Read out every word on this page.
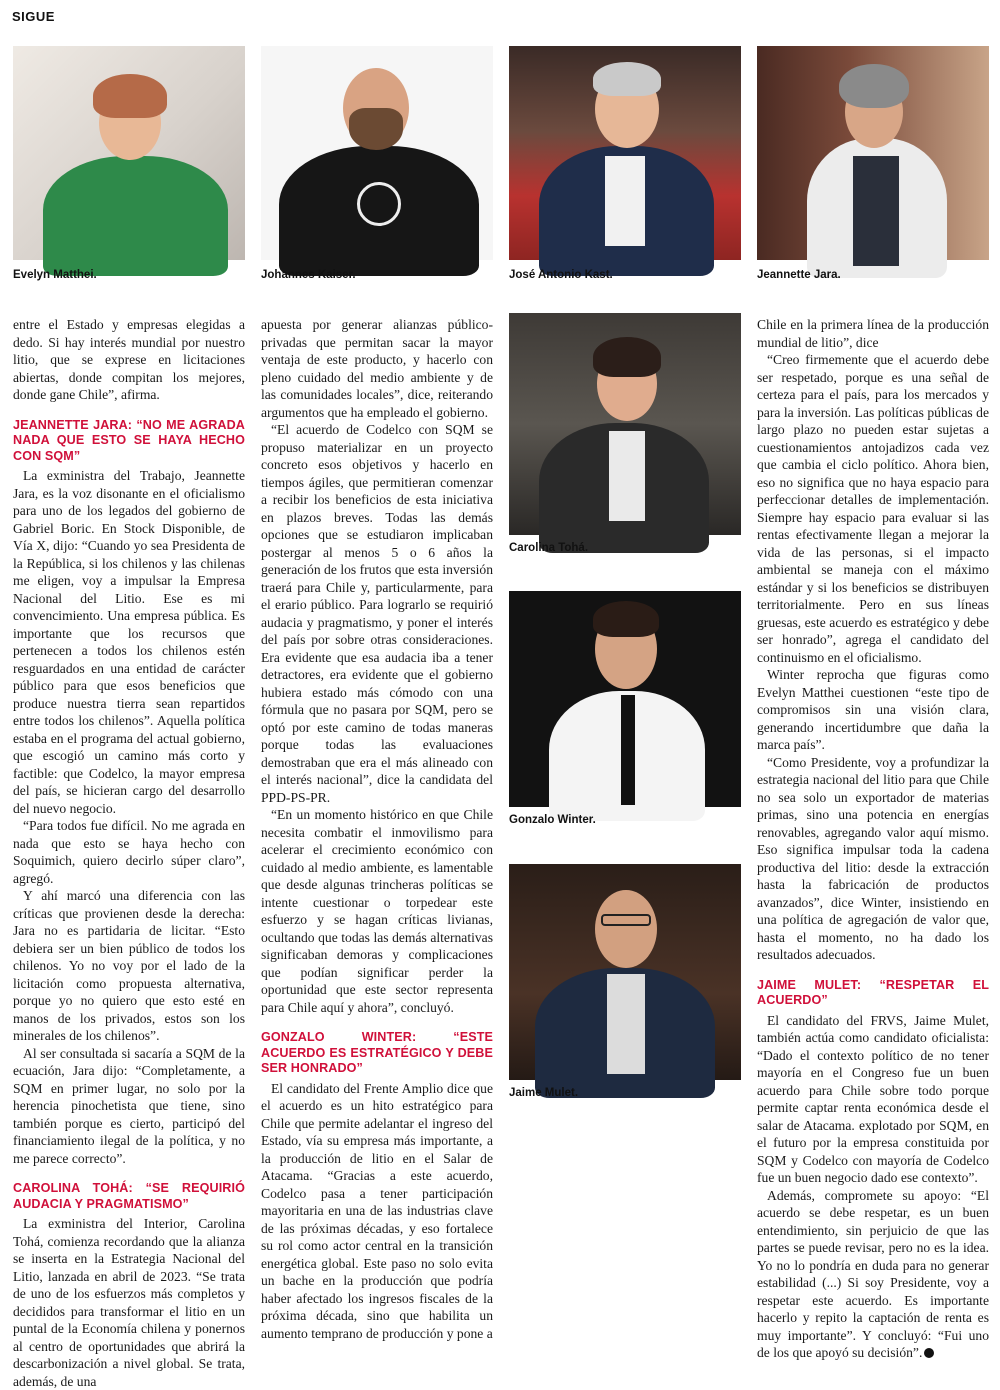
SIGUE
Evelyn Matthei.	Johannes Kaiser.	José Antonio Kast.	Jeannette Jara.
Carolina Tohá.
Gonzalo Winter.
Jaime Mulet.

entre el Estado y empresas elegidas a dedo. Si hay interés mundial por nuestro litio, que se exprese en licitaciones abiertas, donde compitan los mejores, donde gane Chile”, afirma.

JEANNETTE JARA: “NO ME AGRADA NADA QUE ESTO SE HAYA HECHO CON SQM”

La exministra del Trabajo, Jeannette Jara, es la voz disonante en el oficialismo para uno de los legados del gobierno de Gabriel Boric. En Stock Disponible, de Vía X, dijo: “Cuando yo sea Presidenta de la República, si los chilenos y las chilenas me eligen, voy a impulsar la Empresa Nacional del Litio. Ese es mi convencimiento. Una empresa pública. Es importante que los recursos que pertenecen a todos los chilenos estén resguardados en una entidad de carácter público para que esos beneficios que produce nuestra tierra sean repartidos entre todos los chilenos”. Aquella política estaba en el programa del actual gobierno, que escogió un camino más corto y factible: que Codelco, la mayor empresa del país, se hicieran cargo del desarrollo del nuevo negocio.

“Para todos fue difícil. No me agrada en nada que esto se haya hecho con Soquimich, quiero decirlo súper claro”, agregó.

Y ahí marcó una diferencia con las críticas que provienen desde la derecha: Jara no es partidaria de licitar. “Esto debiera ser un bien público de todos los chilenos. Yo no voy por el lado de la licitación como propuesta alternativa, porque yo no quiero que esto esté en manos de los privados, estos son los minerales de los chilenos”.

Al ser consultada si sacaría a SQM de la ecuación, Jara dijo: “Completamente, a SQM en primer lugar, no solo por la herencia pinochetista que tiene, sino también porque es cierto, participó del financiamiento ilegal de la política, y no me parece correcto”.

CAROLINA TOHÁ: “SE REQUIRIÓ AUDACIA Y PRAGMATISMO”

La exministra del Interior, Carolina Tohá, comienza recordando que la alianza se inserta en la Estrategia Nacional del Litio, lanzada en abril de 2023. “Se trata de uno de los esfuerzos más completos y decididos para transformar el litio en un puntal de la Economía chilena y ponernos al centro de oportunidades que abrirá la descarbonización a nivel global. Se trata, además, de una

apuesta por generar alianzas público-privadas que permitan sacar la mayor ventaja de este producto, y hacerlo con pleno cuidado del medio ambiente y de las comunidades locales”, dice, reiterando argumentos que ha empleado el gobierno.

“El acuerdo de Codelco con SQM se propuso materializar en un proyecto concreto esos objetivos y hacerlo en tiempos ágiles, que permitieran comenzar a recibir los beneficios de esta iniciativa en plazos breves. Todas las demás opciones que se estudiaron implicaban postergar al menos 5 o 6 años la generación de los frutos que esta inversión traerá para Chile y, particularmente, para el erario público. Para lograrlo se requirió audacia y pragmatismo, y poner el interés del país por sobre otras consideraciones. Era evidente que esa audacia iba a tener detractores, era evidente que el gobierno hubiera estado más cómodo con una fórmula que no pasara por SQM, pero se optó por este camino de todas maneras porque todas las evaluaciones demostraban que era el más alineado con el interés nacional”, dice la candidata del PPD-PS-PR.

“En un momento histórico en que Chile necesita combatir el inmovilismo para acelerar el crecimiento económico con cuidado al medio ambiente, es lamentable que desde algunas trincheras políticas se intente cuestionar o torpedear este esfuerzo y se hagan críticas livianas, ocultando que todas las demás alternativas significaban demoras y complicaciones que podían significar perder la oportunidad que este sector representa para Chile aquí y ahora”, concluyó.

GONZALO WINTER: “ESTE ACUERDO ES ESTRATÉGICO Y DEBE SER HONRADO”

El candidato del Frente Amplio dice que el acuerdo es un hito estratégico para Chile que permite adelantar el ingreso del Estado, vía su empresa más importante, a la producción de litio en el Salar de Atacama. “Gracias a este acuerdo, Codelco pasa a tener participación mayoritaria en una de las industrias clave de las próximas décadas, y eso fortalece su rol como actor central en la transición energética global. Este paso no solo evita un bache en la producción que podría haber afectado los ingresos fiscales de la próxima década, sino que habilita un aumento temprano de producción y pone a

Chile en la primera línea de la producción mundial de litio”, dice

“Creo firmemente que el acuerdo debe ser respetado, porque es una señal de certeza para el país, para los mercados y para la inversión. Las políticas públicas de largo plazo no pueden estar sujetas a cuestionamientos antojadizos cada vez que cambia el ciclo político. Ahora bien, eso no significa que no haya espacio para perfeccionar detalles de implementación. Siempre hay espacio para evaluar si las rentas efectivamente llegan a mejorar la vida de las personas, si el impacto ambiental se maneja con el máximo estándar y si los beneficios se distribuyen territorialmente. Pero en sus líneas gruesas, este acuerdo es estratégico y debe ser honrado”, agrega el candidato del continuismo en el oficialismo.

Winter reprocha que figuras como Evelyn Matthei cuestionen “este tipo de compromisos sin una visión clara, generando incertidumbre que daña la marca país”.

“Como Presidente, voy a profundizar la estrategia nacional del litio para que Chile no sea solo un exportador de materias primas, sino una potencia en energías renovables, agregando valor aquí mismo. Eso significa impulsar toda la cadena productiva del litio: desde la extracción hasta la fabricación de productos avanzados”, dice Winter, insistiendo en una política de agregación de valor que, hasta el momento, no ha dado los resultados adecuados.

JAIME MULET: “RESPETAR EL ACUERDO”

El candidato del FRVS, Jaime Mulet, también actúa como candidato oficialista: “Dado el contexto político de no tener mayoría en el Congreso fue un buen acuerdo para Chile sobre todo porque permite captar renta económica desde el salar de Atacama. explotado por SQM, en el futuro por la empresa constituida por SQM y Codelco con mayoría de Codelco fue un buen negocio dado ese contexto”.

Además, compromete su apoyo: “El acuerdo se debe respetar, es un buen entendimiento, sin perjuicio de que las partes se puede revisar, pero no es la idea. Yo no lo pondría en duda para no generar estabilidad (...) Si soy Presidente, voy a respetar este acuerdo. Es importante hacerlo y repito la captación de renta es muy importante”. Y concluyó: “Fui uno de los que apoyó su decisión”.
